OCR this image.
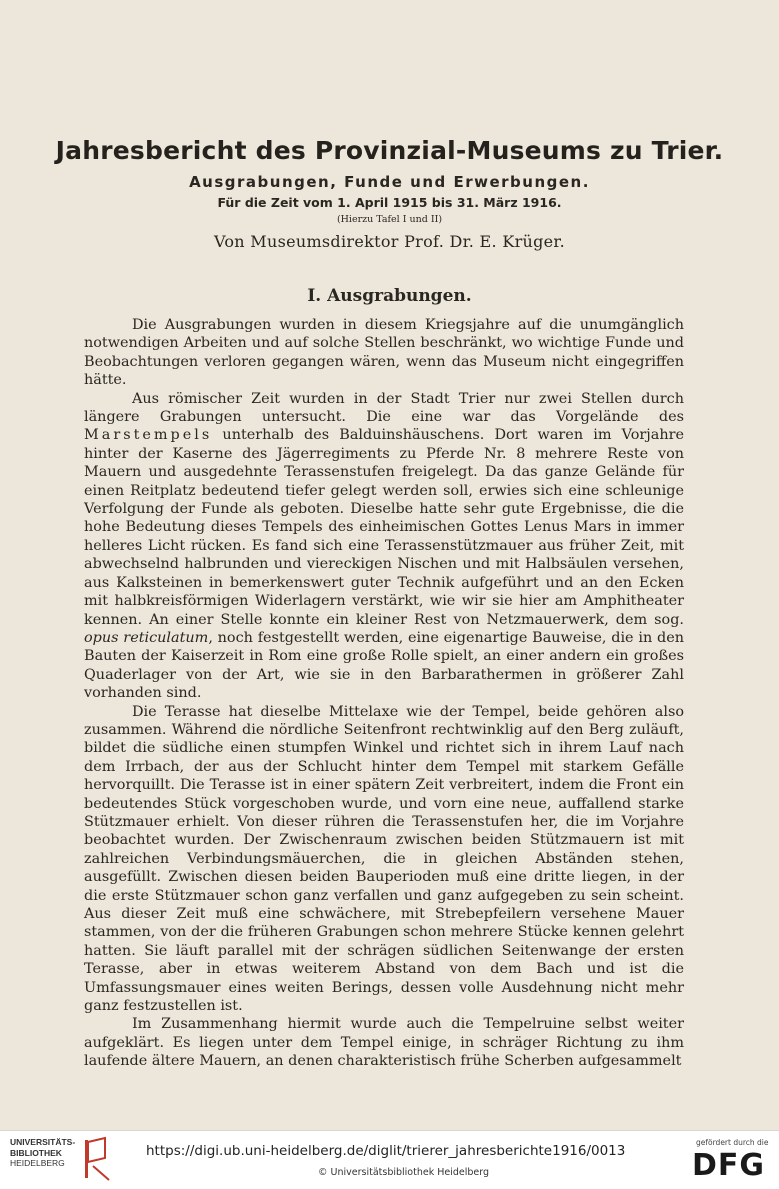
Jahresbericht des Provinzial-Museums zu Trier.
Ausgrabungen, Funde und Erwerbungen.
Für die Zeit vom 1. April 1915 bis 31. März 1916.
(Hierzu Tafel I und II)
Von Museumsdirektor Prof. Dr. E. Krüger.
I. Ausgrabungen.

Die Ausgrabungen wurden in diesem Kriegsjahre auf die unumgänglich notwendigen Arbeiten und auf solche Stellen beschränkt, wo wichtige Funde und Beobachtungen verloren gegangen wären, wenn das Museum nicht eingegriffen hätte.

Aus römischer Zeit wurden in der Stadt Trier nur zwei Stellen durch längere Grabungen untersucht. Die eine war das Vorgelände des Marstempels unterhalb des Balduinshäuschens. Dort waren im Vorjahre hinter der Kaserne des Jägerregiments zu Pferde Nr. 8 mehrere Reste von Mauern und ausgedehnte Terassenstufen freigelegt. Da das ganze Gelände für einen Reitplatz bedeutend tiefer gelegt werden soll, erwies sich eine schleunige Verfolgung der Funde als geboten. Dieselbe hatte sehr gute Ergebnisse, die die hohe Bedeutung dieses Tempels des einheimischen Gottes Lenus Mars in immer helleres Licht rücken. Es fand sich eine Terassenstützmauer aus früher Zeit, mit abwechselnd halbrunden und viereckigen Nischen und mit Halbsäulen versehen, aus Kalksteinen in bemerkenswert guter Technik aufgeführt und an den Ecken mit halbkreisförmigen Widerlagern verstärkt, wie wir sie hier am Amphitheater kennen. An einer Stelle konnte ein kleiner Rest von Netzmauerwerk, dem sog. opus reticulatum, noch festgestellt werden, eine eigenartige Bauweise, die in den Bauten der Kaiserzeit in Rom eine große Rolle spielt, an einer andern ein großes Quaderlager von der Art, wie sie in den Barbarathermen in größerer Zahl vorhanden sind.

Die Terasse hat dieselbe Mittelaxe wie der Tempel, beide gehören also zusammen. Während die nördliche Seitenfront rechtwinklig auf den Berg zuläuft, bildet die südliche einen stumpfen Winkel und richtet sich in ihrem Lauf nach dem Irrbach, der aus der Schlucht hinter dem Tempel mit starkem Gefälle hervorquillt. Die Terasse ist in einer spätern Zeit verbreitert, indem die Front ein bedeutendes Stück vorgeschoben wurde, und vorn eine neue, auffallend starke Stützmauer erhielt. Von dieser rühren die Terassenstufen her, die im Vorjahre beobachtet wurden. Der Zwischenraum zwischen beiden Stützmauern ist mit zahlreichen Verbindungsmäuerchen, die in gleichen Abständen stehen, ausgefüllt. Zwischen diesen beiden Bauperioden muß eine dritte liegen, in der die erste Stützmauer schon ganz verfallen und ganz aufgegeben zu sein scheint. Aus dieser Zeit muß eine schwächere, mit Strebepfeilern versehene Mauer stammen, von der die früheren Grabungen schon mehrere Stücke kennen gelehrt hatten. Sie läuft parallel mit der schrägen südlichen Seitenwange der ersten Terasse, aber in etwas weiterem Abstand von dem Bach und ist die Umfassungsmauer eines weiten Berings, dessen volle Ausdehnung nicht mehr ganz festzustellen ist.

Im Zusammenhang hiermit wurde auch die Tempelruine selbst weiter aufgeklärt. Es liegen unter dem Tempel einige, in schräger Richtung zu ihm laufende ältere Mauern, an denen charakteristisch frühe Scherben aufgesammelt

UNIVERSITÄTS-
BIBLIOTHEK
HEIDELBERG
https://digi.ub.uni-heidelberg.de/diglit/trierer_jahresberichte1916/0013
© Universitätsbibliothek Heidelberg
gefördert durch die
DFG
